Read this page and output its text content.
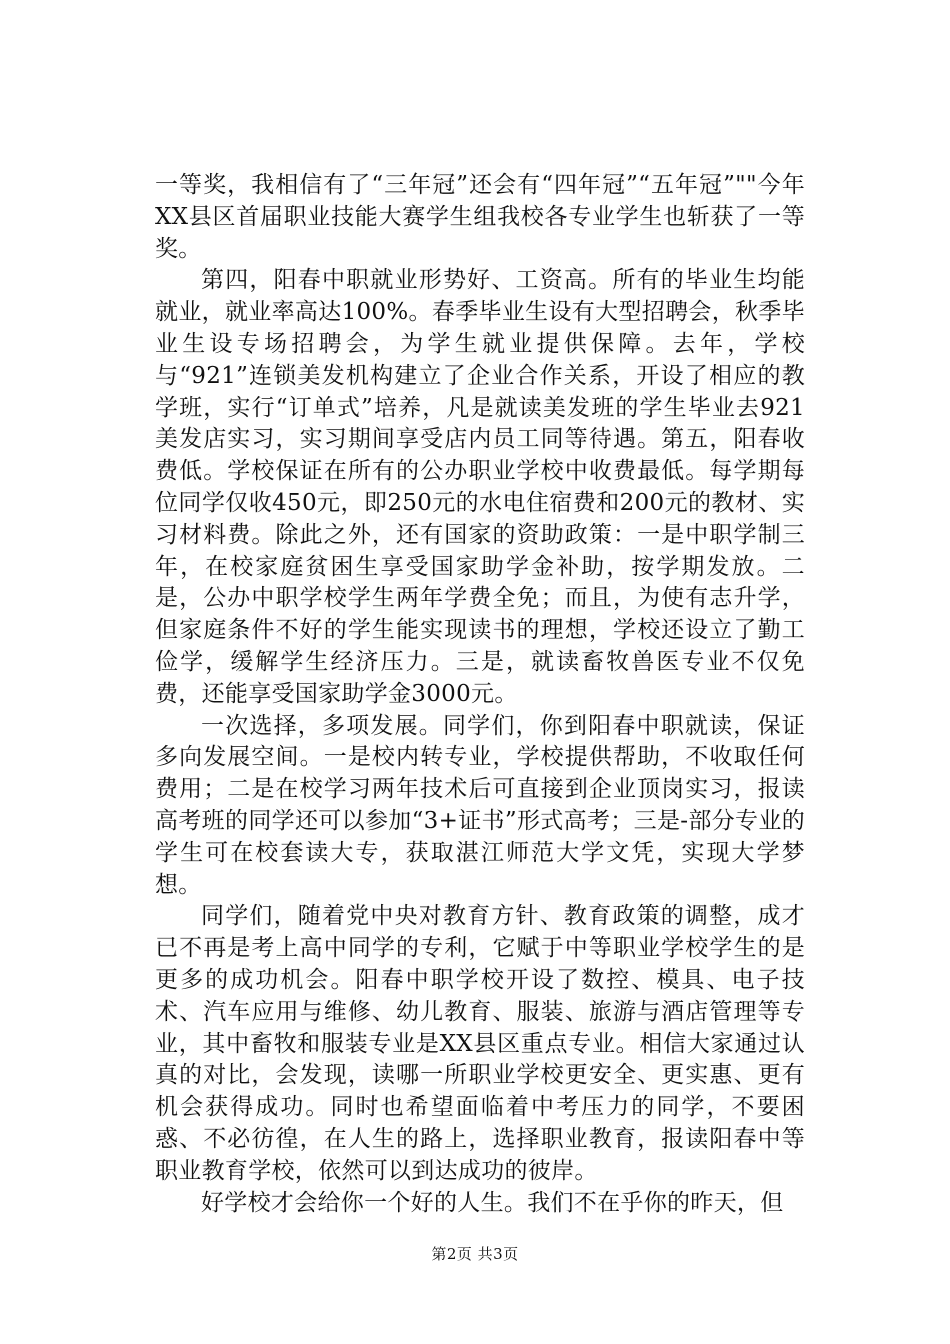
一等奖，我相信有了“三年冠”还会有“四年冠”“五年冠”""今年XX县区首届职业技能大赛学生组我校各专业学生也斩获了一等奖。

第四，阳春中职就业形势好、工资高。所有的毕业生均能就业，就业率高达100%。春季毕业生设有大型招聘会，秋季毕业生设专场招聘会，为学生就业提供保障。去年，学校与“921”连锁美发机构建立了企业合作关系，开设了相应的教学班，实行“订单式”培养，凡是就读美发班的学生毕业去921美发店实习，实习期间享受店内员工同等待遇。第五，阳春收费低。学校保证在所有的公办职业学校中收费最低。每学期每位同学仅收450元，即250元的水电住宿费和200元的教材、实习材料费。除此之外，还有国家的资助政策：一是中职学制三年，在校家庭贫困生享受国家助学金补助，按学期发放。二是，公办中职学校学生两年学费全免；而且，为使有志升学，但家庭条件不好的学生能实现读书的理想，学校还设立了勤工俭学，缓解学生经济压力。三是，就读畜牧兽医专业不仅免费，还能享受国家助学金3000元。

一次选择，多项发展。同学们，你到阳春中职就读，保证多向发展空间。一是校内转专业，学校提供帮助，不收取任何费用；二是在校学习两年技术后可直接到企业顶岗实习，报读高考班的同学还可以参加“3+证书”形式高考；三是-部分专业的学生可在校套读大专，获取湛江师范大学文凭，实现大学梦想。

同学们，随着党中央对教育方针、教育政策的调整，成才已不再是考上高中同学的专利，它赋于中等职业学校学生的是更多的成功机会。阳春中职学校开设了数控、模具、电子技术、汽车应用与维修、幼儿教育、服装、旅游与酒店管理等专业，其中畜牧和服装专业是XX县区重点专业。相信大家通过认真的对比，会发现，读哪一所职业学校更安全、更实惠、更有机会获得成功。同时也希望面临着中考压力的同学，不要困惑、不必彷徨，在人生的路上，选择职业教育，报读阳春中等职业教育学校，依然可以到达成功的彼岸。

好学校才会给你一个好的人生。我们不在乎你的昨天，但

第2页 共3页
